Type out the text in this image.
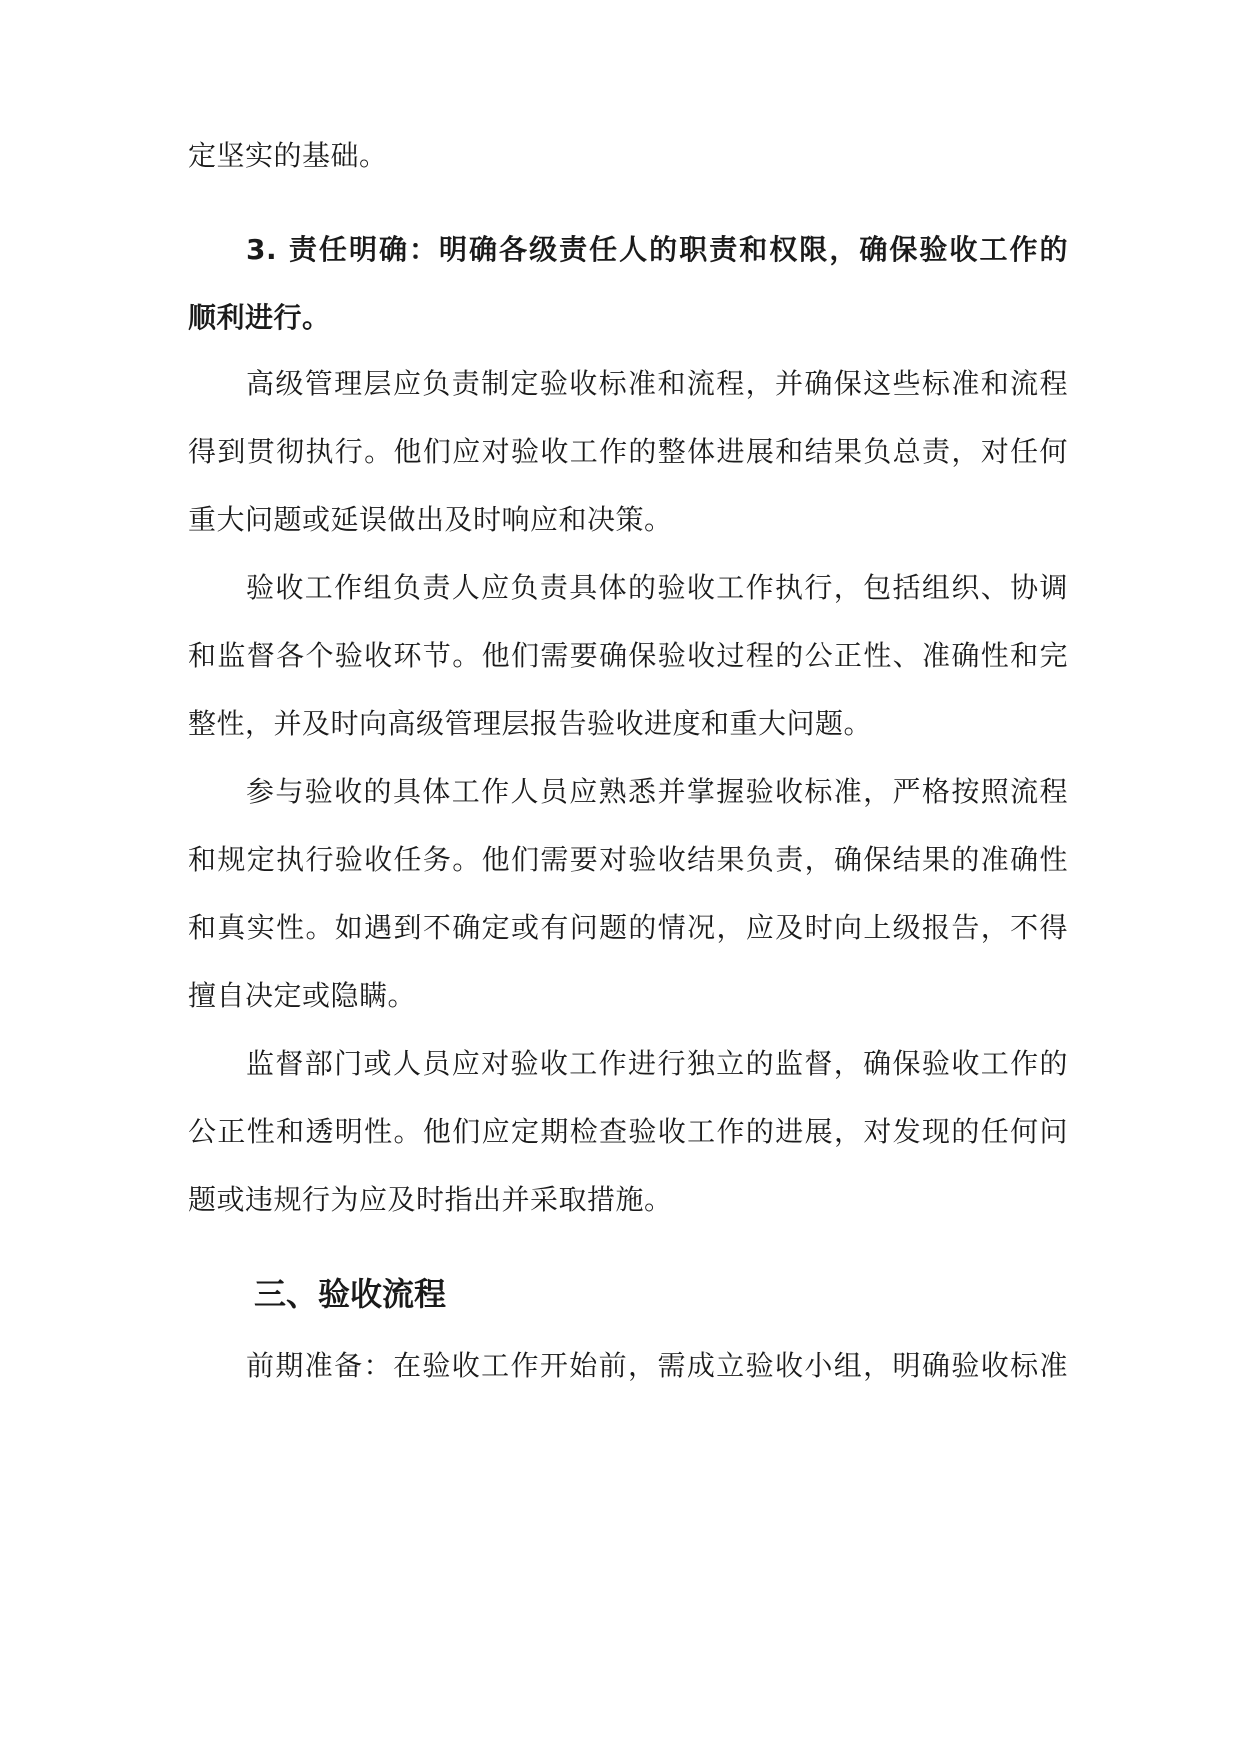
定坚实的基础。
3. 责任明确：明确各级责任人的职责和权限，确保验收工作的
顺利进行。
高级管理层应负责制定验收标准和流程，并确保这些标准和流程
得到贯彻执行。他们应对验收工作的整体进展和结果负总责，对任何
重大问题或延误做出及时响应和决策。
验收工作组负责人应负责具体的验收工作执行，包括组织、协调
和监督各个验收环节。他们需要确保验收过程的公正性、准确性和完
整性，并及时向高级管理层报告验收进度和重大问题。
参与验收的具体工作人员应熟悉并掌握验收标准，严格按照流程
和规定执行验收任务。他们需要对验收结果负责，确保结果的准确性
和真实性。如遇到不确定或有问题的情况，应及时向上级报告，不得
擅自决定或隐瞒。
监督部门或人员应对验收工作进行独立的监督，确保验收工作的
公正性和透明性。他们应定期检查验收工作的进展，对发现的任何问
题或违规行为应及时指出并采取措施。
三、验收流程
前期准备：在验收工作开始前，需成立验收小组，明确验收标准
